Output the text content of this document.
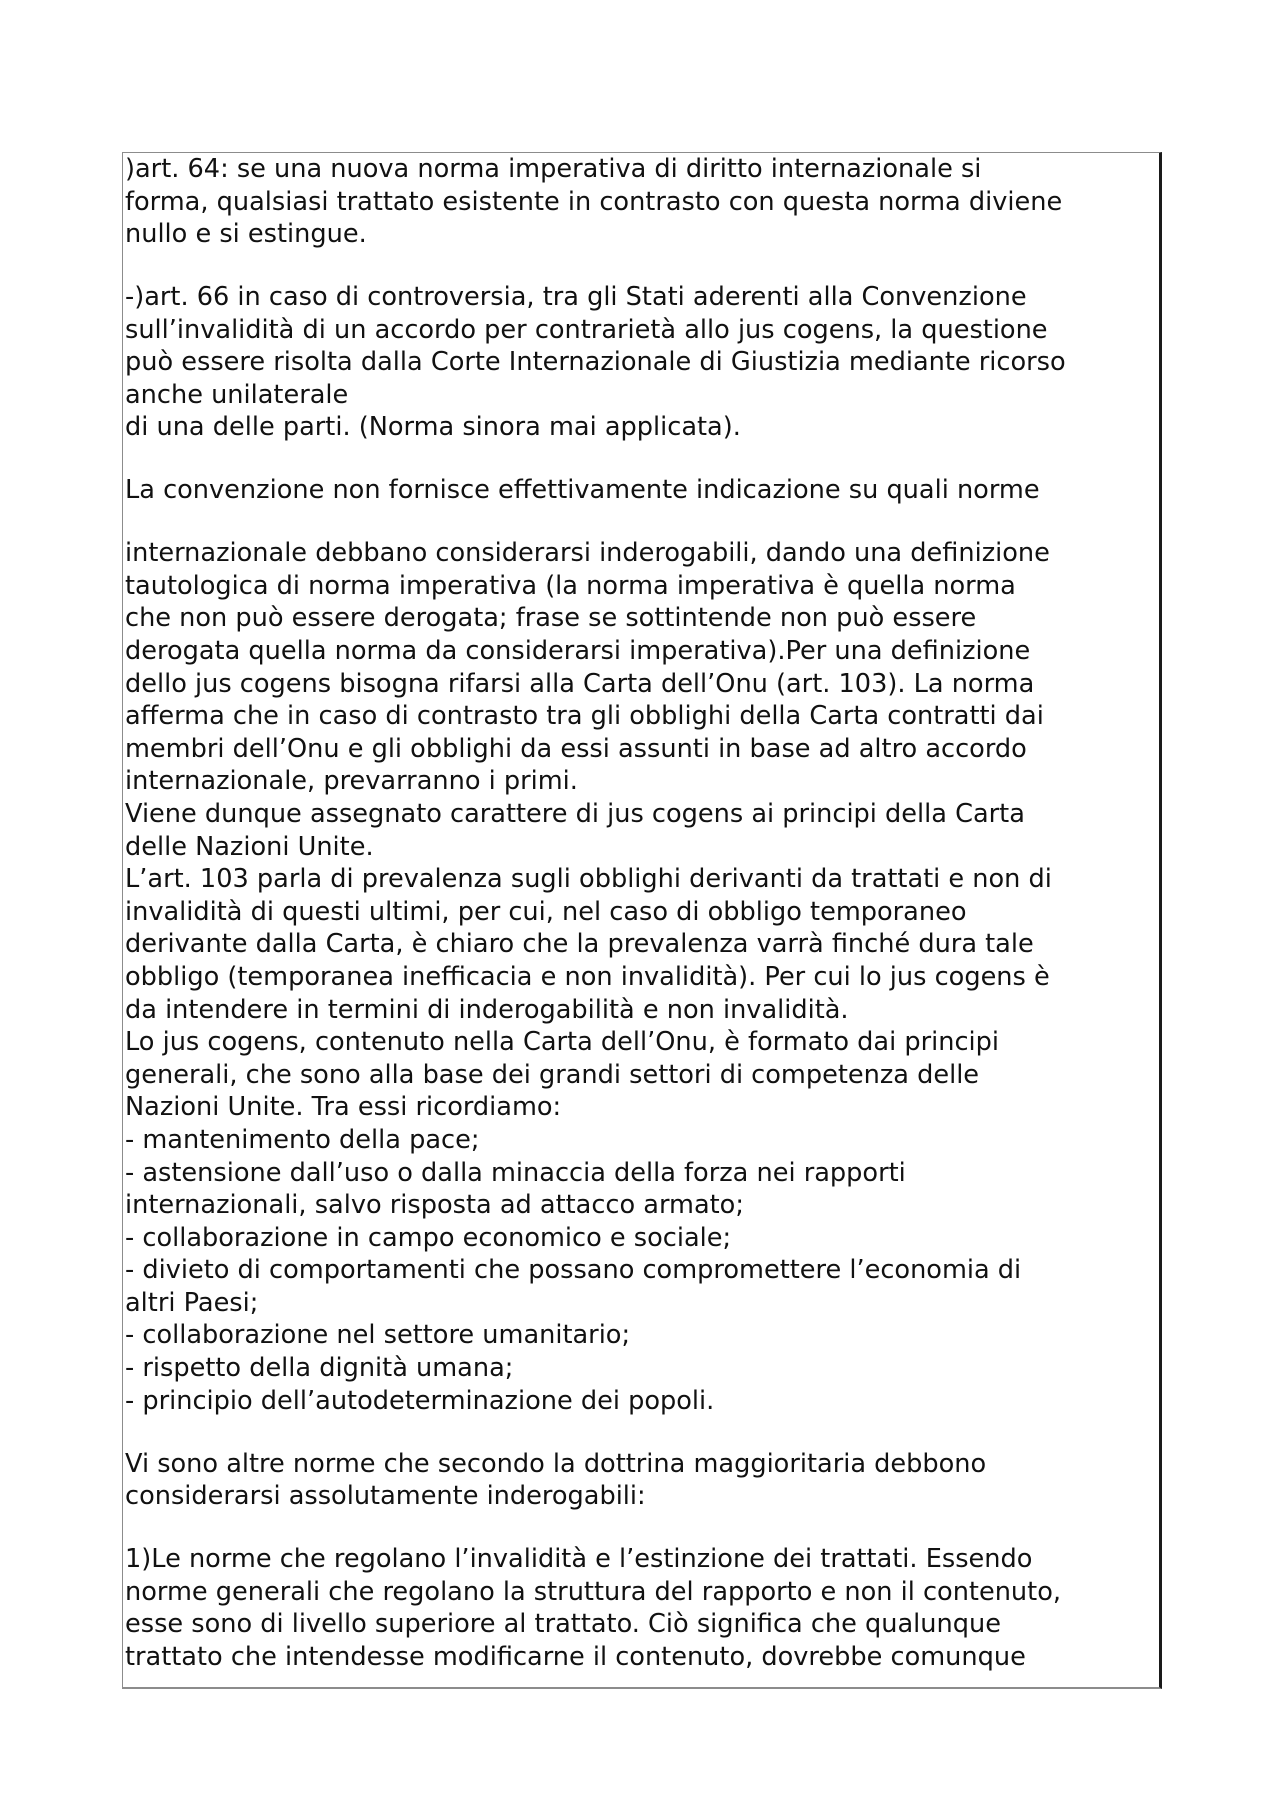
)art. 64: se una nuova norma imperativa di diritto internazionale si
forma, qualsiasi trattato esistente in contrasto con questa norma diviene
nullo e si estingue.
-)art. 66 in caso di controversia, tra gli Stati aderenti alla Convenzione
sull’invalidità di un accordo per contrarietà allo jus cogens, la questione
può essere risolta dalla Corte Internazionale di Giustizia mediante ricorso
anche unilaterale
di una delle parti. (Norma sinora mai applicata).
La convenzione non fornisce effettivamente indicazione su quali norme
internazionale debbano considerarsi inderogabili, dando una definizione
tautologica di norma imperativa (la norma imperativa è quella norma
che non può essere derogata; frase se sottintende non può essere
derogata quella norma da considerarsi imperativa).Per una definizione
dello jus cogens bisogna rifarsi alla Carta dell’Onu (art. 103). La norma
afferma che in caso di contrasto tra gli obblighi della Carta contratti dai
membri dell’Onu e gli obblighi da essi assunti in base ad altro accordo
internazionale, prevarranno i primi.
Viene dunque assegnato carattere di jus cogens ai principi della Carta
delle Nazioni Unite.
L’art. 103 parla di prevalenza sugli obblighi derivanti da trattati e non di
invalidità di questi ultimi, per cui, nel caso di obbligo temporaneo
derivante dalla Carta, è chiaro che la prevalenza varrà finché dura tale
obbligo (temporanea inefficacia e non invalidità). Per cui lo jus cogens è
da intendere in termini di inderogabilità e non invalidità.
Lo jus cogens, contenuto nella Carta dell’Onu, è formato dai principi
generali, che sono alla base dei grandi settori di competenza delle
Nazioni Unite. Tra essi ricordiamo:
- mantenimento della pace;
- astensione dall’uso o dalla minaccia della forza nei rapporti
internazionali, salvo risposta ad attacco armato;
- collaborazione in campo economico e sociale;
- divieto di comportamenti che possano compromettere l’economia di
altri Paesi;
- collaborazione nel settore umanitario;
- rispetto della dignità umana;
- principio dell’autodeterminazione dei popoli.
Vi sono altre norme che secondo la dottrina maggioritaria debbono
considerarsi assolutamente inderogabili:
1)Le norme che regolano l’invalidità e l’estinzione dei trattati. Essendo
norme generali che regolano la struttura del rapporto e non il contenuto,
esse sono di livello superiore al trattato. Ciò significa che qualunque
trattato che intendesse modificarne il contenuto, dovrebbe comunque
